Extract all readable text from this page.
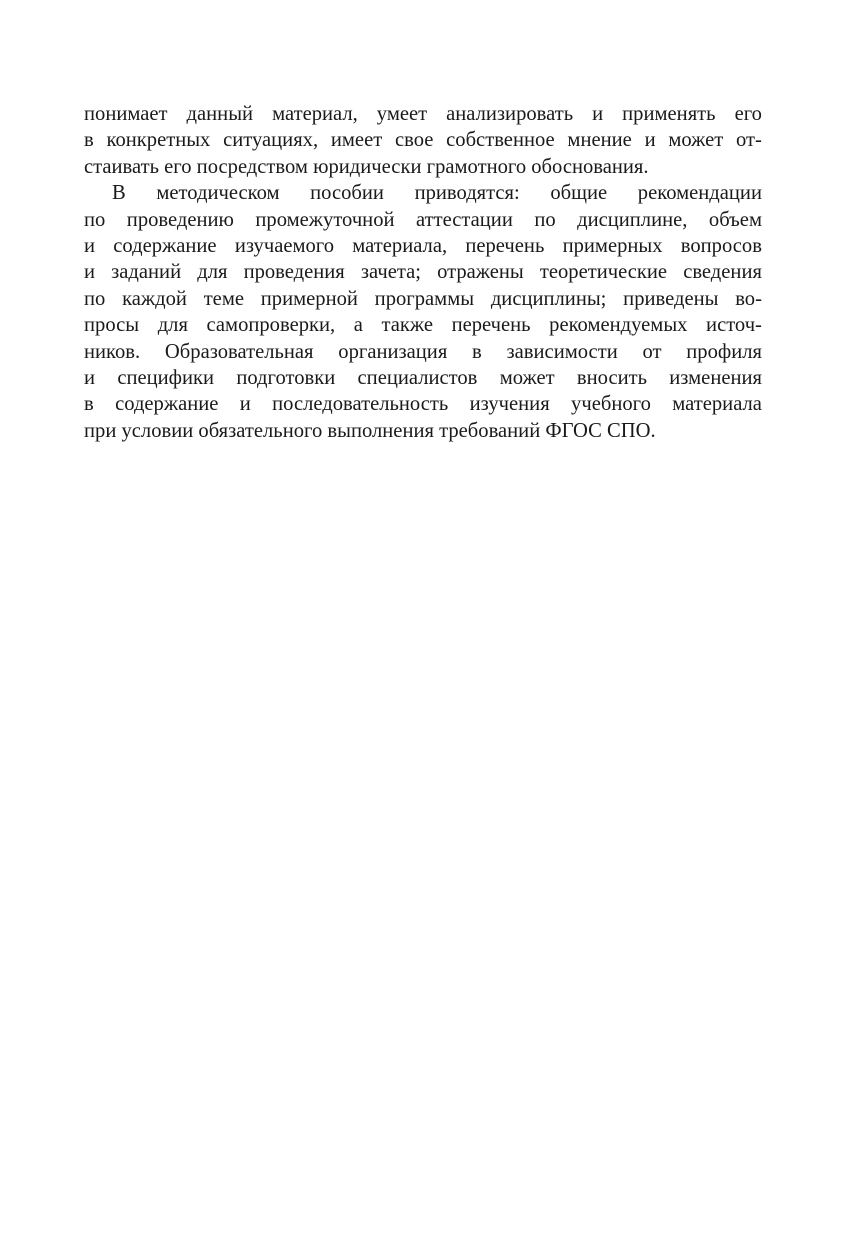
понимает данный материал, умеет анализировать и применять его
в конкретных ситуациях, имеет свое собственное мнение и может от-
стаивать его посредством юридически грамотного обоснования.
В методическом пособии приводятся: общие рекомендации
по проведению промежуточной аттестации по дисциплине, объем
и содержание изучаемого материала, перечень примерных вопросов
и заданий для проведения зачета; отражены теоретические сведения
по каждой теме примерной программы дисциплины; приведены во-
просы для самопроверки, а также перечень рекомендуемых источ-
ников. Образовательная организация в зависимости от профиля
и специфики подготовки специалистов может вносить изменения
в содержание и последовательность изучения учебного материала
при условии обязательного выполнения требований ФГОС СПО.
